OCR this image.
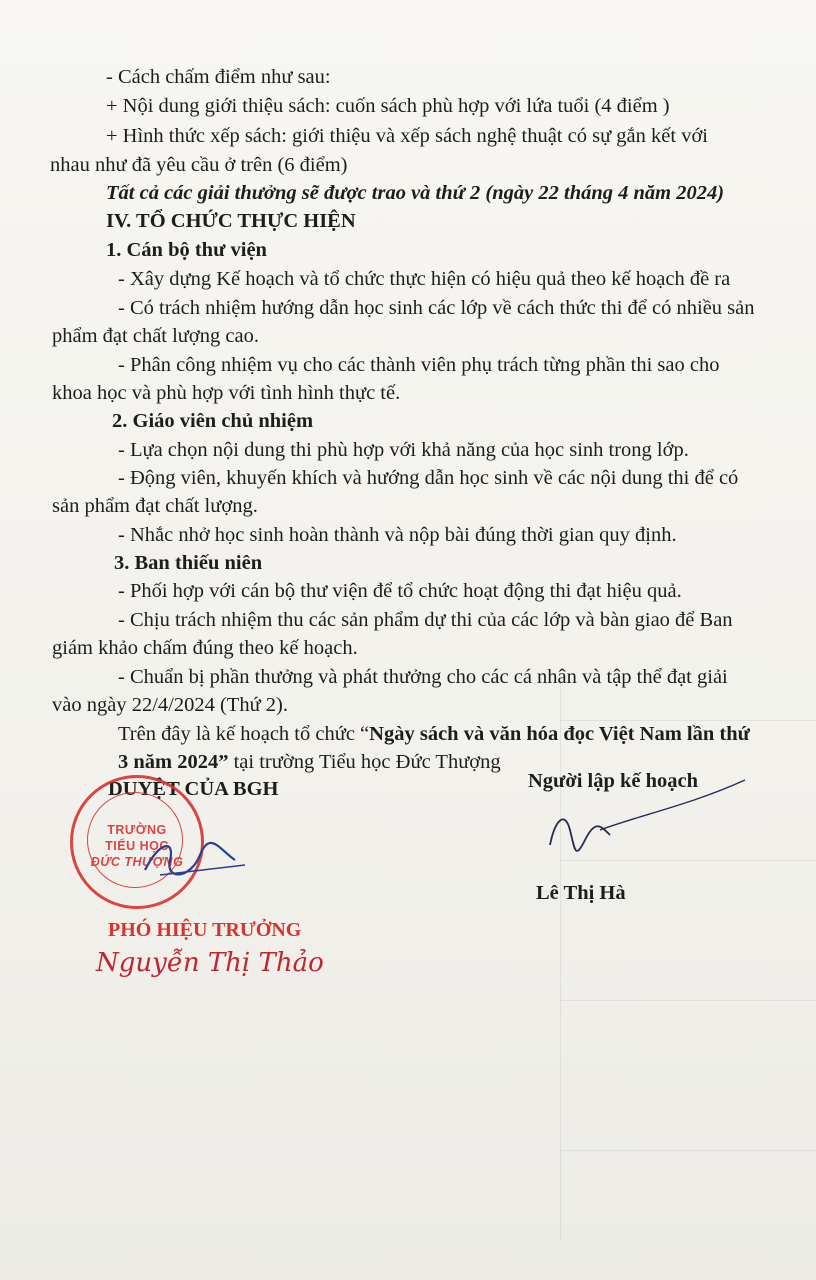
- Cách chấm điểm như sau:
+ Nội dung giới thiệu sách: cuốn sách phù hợp với lứa tuổi (4 điểm )
+ Hình thức xếp sách: giới thiệu và xếp sách nghệ thuật có sự gắn kết với
nhau như đã yêu cầu ở trên (6 điểm)
Tất cả các giải thưởng sẽ được trao và thứ 2 (ngày 22 tháng 4 năm 2024)
IV. TỔ CHỨC THỰC HIỆN
1. Cán bộ thư viện
- Xây dựng Kế hoạch và tổ chức thực hiện có hiệu quả theo kế hoạch đề ra
- Có trách nhiệm hướng dẫn học sinh các lớp về cách thức thi để có nhiều sản
phẩm đạt chất lượng cao.
- Phân công nhiệm vụ cho các thành viên phụ trách từng phần thi sao cho
khoa học và phù hợp với tình hình thực tế.
2. Giáo viên chủ nhiệm
- Lựa chọn nội dung thi phù hợp với khả năng của học sinh trong lớp.
- Động viên, khuyến khích và hướng dẫn học sinh về các nội dung thi để có
sản phẩm đạt chất lượng.
- Nhắc nhở học sinh hoàn thành và nộp bài đúng thời gian quy định.
3. Ban thiếu niên
- Phối hợp với cán bộ thư viện để tổ chức hoạt động thi đạt hiệu quả.
- Chịu trách nhiệm thu các sản phẩm dự thi của các lớp và bàn giao để Ban
giám khảo chấm đúng theo kế hoạch.
- Chuẩn bị phần thưởng và phát thưởng cho các cá nhân và tập thể đạt giải
vào ngày 22/4/2024 (Thứ 2).
Trên đây là kế hoạch tổ chức “Ngày sách và văn hóa đọc Việt Nam lần thứ
3 năm 2024” tại trường Tiểu học Đức Thượng
DUYỆT CỦA BGH	Người lập kế hoạch
TRƯỜNG
TIỂU HỌC
ĐỨC THƯỢNG
PHÓ HIỆU TRƯỞNG
Nguyễn Thị Thảo
Lê Thị Hà
